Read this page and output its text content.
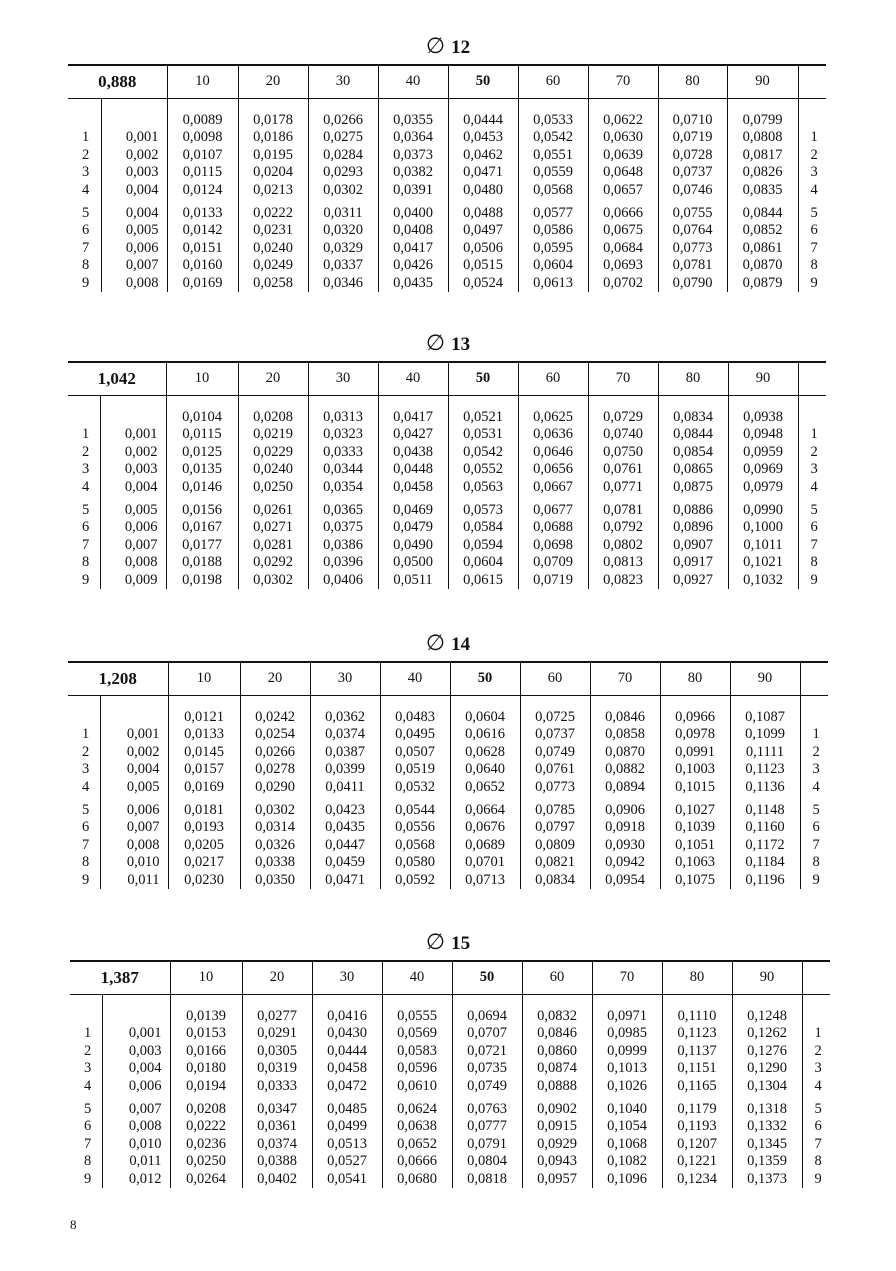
∅ 12
0,888		10	20	30	40	50	60	70	80	90	

		0,0089	0,0178	0,0266	0,0355	0,0444	0,0533	0,0622	0,0710	0,0799	
1	0,001	0,0098	0,0186	0,0275	0,0364	0,0453	0,0542	0,0630	0,0719	0,0808	1
2	0,002	0,0107	0,0195	0,0284	0,0373	0,0462	0,0551	0,0639	0,0728	0,0817	2
3	0,003	0,0115	0,0204	0,0293	0,0382	0,0471	0,0559	0,0648	0,0737	0,0826	3
4	0,004	0,0124	0,0213	0,0302	0,0391	0,0480	0,0568	0,0657	0,0746	0,0835	4

5	0,004	0,0133	0,0222	0,0311	0,0400	0,0488	0,0577	0,0666	0,0755	0,0844	5
6	0,005	0,0142	0,0231	0,0320	0,0408	0,0497	0,0586	0,0675	0,0764	0,0852	6
7	0,006	0,0151	0,0240	0,0329	0,0417	0,0506	0,0595	0,0684	0,0773	0,0861	7
8	0,007	0,0160	0,0249	0,0337	0,0426	0,0515	0,0604	0,0693	0,0781	0,0870	8
9	0,008	0,0169	0,0258	0,0346	0,0435	0,0524	0,0613	0,0702	0,0790	0,0879	9
∅ 13
1,042		10	20	30	40	50	60	70	80	90	

		0,0104	0,0208	0,0313	0,0417	0,0521	0,0625	0,0729	0,0834	0,0938	
1	0,001	0,0115	0,0219	0,0323	0,0427	0,0531	0,0636	0,0740	0,0844	0,0948	1
2	0,002	0,0125	0,0229	0,0333	0,0438	0,0542	0,0646	0,0750	0,0854	0,0959	2
3	0,003	0,0135	0,0240	0,0344	0,0448	0,0552	0,0656	0,0761	0,0865	0,0969	3
4	0,004	0,0146	0,0250	0,0354	0,0458	0,0563	0,0667	0,0771	0,0875	0,0979	4

5	0,005	0,0156	0,0261	0,0365	0,0469	0,0573	0,0677	0,0781	0,0886	0,0990	5
6	0,006	0,0167	0,0271	0,0375	0,0479	0,0584	0,0688	0,0792	0,0896	0,1000	6
7	0,007	0,0177	0,0281	0,0386	0,0490	0,0594	0,0698	0,0802	0,0907	0,1011	7
8	0,008	0,0188	0,0292	0,0396	0,0500	0,0604	0,0709	0,0813	0,0917	0,1021	8
9	0,009	0,0198	0,0302	0,0406	0,0511	0,0615	0,0719	0,0823	0,0927	0,1032	9
∅ 14
1,208		10	20	30	40	50	60	70	80	90	

		0,0121	0,0242	0,0362	0,0483	0,0604	0,0725	0,0846	0,0966	0,1087	
1	0,001	0,0133	0,0254	0,0374	0,0495	0,0616	0,0737	0,0858	0,0978	0,1099	1
2	0,002	0,0145	0,0266	0,0387	0,0507	0,0628	0,0749	0,0870	0,0991	0,1111	2
3	0,004	0,0157	0,0278	0,0399	0,0519	0,0640	0,0761	0,0882	0,1003	0,1123	3
4	0,005	0,0169	0,0290	0,0411	0,0532	0,0652	0,0773	0,0894	0,1015	0,1136	4

5	0,006	0,0181	0,0302	0,0423	0,0544	0,0664	0,0785	0,0906	0,1027	0,1148	5
6	0,007	0,0193	0,0314	0,0435	0,0556	0,0676	0,0797	0,0918	0,1039	0,1160	6
7	0,008	0,0205	0,0326	0,0447	0,0568	0,0689	0,0809	0,0930	0,1051	0,1172	7
8	0,010	0,0217	0,0338	0,0459	0,0580	0,0701	0,0821	0,0942	0,1063	0,1184	8
9	0,011	0,0230	0,0350	0,0471	0,0592	0,0713	0,0834	0,0954	0,1075	0,1196	9
∅ 15
1,387		10	20	30	40	50	60	70	80	90	

		0,0139	0,0277	0,0416	0,0555	0,0694	0,0832	0,0971	0,1110	0,1248	
1	0,001	0,0153	0,0291	0,0430	0,0569	0,0707	0,0846	0,0985	0,1123	0,1262	1
2	0,003	0,0166	0,0305	0,0444	0,0583	0,0721	0,0860	0,0999	0,1137	0,1276	2
3	0,004	0,0180	0,0319	0,0458	0,0596	0,0735	0,0874	0,1013	0,1151	0,1290	3
4	0,006	0,0194	0,0333	0,0472	0,0610	0,0749	0,0888	0,1026	0,1165	0,1304	4

5	0,007	0,0208	0,0347	0,0485	0,0624	0,0763	0,0902	0,1040	0,1179	0,1318	5
6	0,008	0,0222	0,0361	0,0499	0,0638	0,0777	0,0915	0,1054	0,1193	0,1332	6
7	0,010	0,0236	0,0374	0,0513	0,0652	0,0791	0,0929	0,1068	0,1207	0,1345	7
8	0,011	0,0250	0,0388	0,0527	0,0666	0,0804	0,0943	0,1082	0,1221	0,1359	8
9	0,012	0,0264	0,0402	0,0541	0,0680	0,0818	0,0957	0,1096	0,1234	0,1373	9
8
